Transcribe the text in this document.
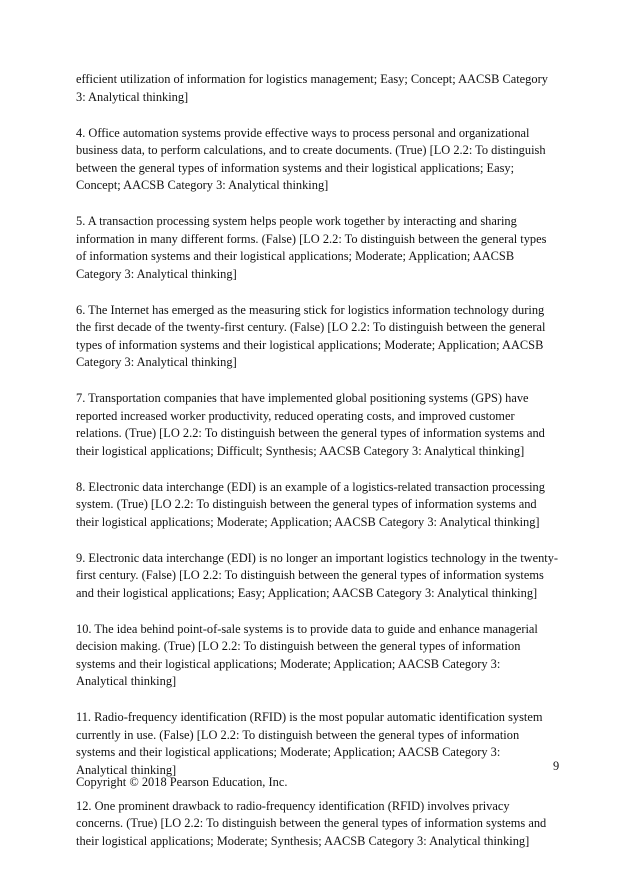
efficient utilization of information for logistics management; Easy; Concept; AACSB Category
3: Analytical thinking]

4. Office automation systems provide effective ways to process personal and organizational
business data, to perform calculations, and to create documents. (True) [LO 2.2: To distinguish
between the general types of information systems and their logistical applications; Easy;
Concept; AACSB Category 3: Analytical thinking]

5. A transaction processing system helps people work together by interacting and sharing
information in many different forms. (False) [LO 2.2: To distinguish between the general types
of information systems and their logistical applications; Moderate; Application; AACSB
Category 3: Analytical thinking]

6. The Internet has emerged as the measuring stick for logistics information technology during
the first decade of the twenty-first century. (False) [LO 2.2: To distinguish between the general
types of information systems and their logistical applications; Moderate; Application; AACSB
Category 3: Analytical thinking]

7. Transportation companies that have implemented global positioning systems (GPS) have
reported increased worker productivity, reduced operating costs, and improved customer
relations. (True) [LO 2.2: To distinguish between the general types of information systems and
their logistical applications; Difficult; Synthesis; AACSB Category 3: Analytical thinking]

8. Electronic data interchange (EDI) is an example of a logistics-related transaction processing
system. (True) [LO 2.2: To distinguish between the general types of information systems and
their logistical applications; Moderate; Application; AACSB Category 3: Analytical thinking]

9. Electronic data interchange (EDI) is no longer an important logistics technology in the twenty-
first century. (False) [LO 2.2: To distinguish between the general types of information systems
and their logistical applications; Easy; Application; AACSB Category 3: Analytical thinking]

10. The idea behind point-of-sale systems is to provide data to guide and enhance managerial
decision making. (True) [LO 2.2: To distinguish between the general types of information
systems and their logistical applications; Moderate; Application; AACSB Category 3:
Analytical thinking]

11. Radio-frequency identification (RFID) is the most popular automatic identification system
currently in use. (False) [LO 2.2: To distinguish between the general types of information
systems and their logistical applications; Moderate; Application; AACSB Category 3:
Analytical thinking]

12. One prominent drawback to radio-frequency identification (RFID) involves privacy
concerns. (True) [LO 2.2: To distinguish between the general types of information systems and
their logistical applications; Moderate; Synthesis; AACSB Category 3: Analytical thinking]

9
Copyright © 2018 Pearson Education, Inc.
